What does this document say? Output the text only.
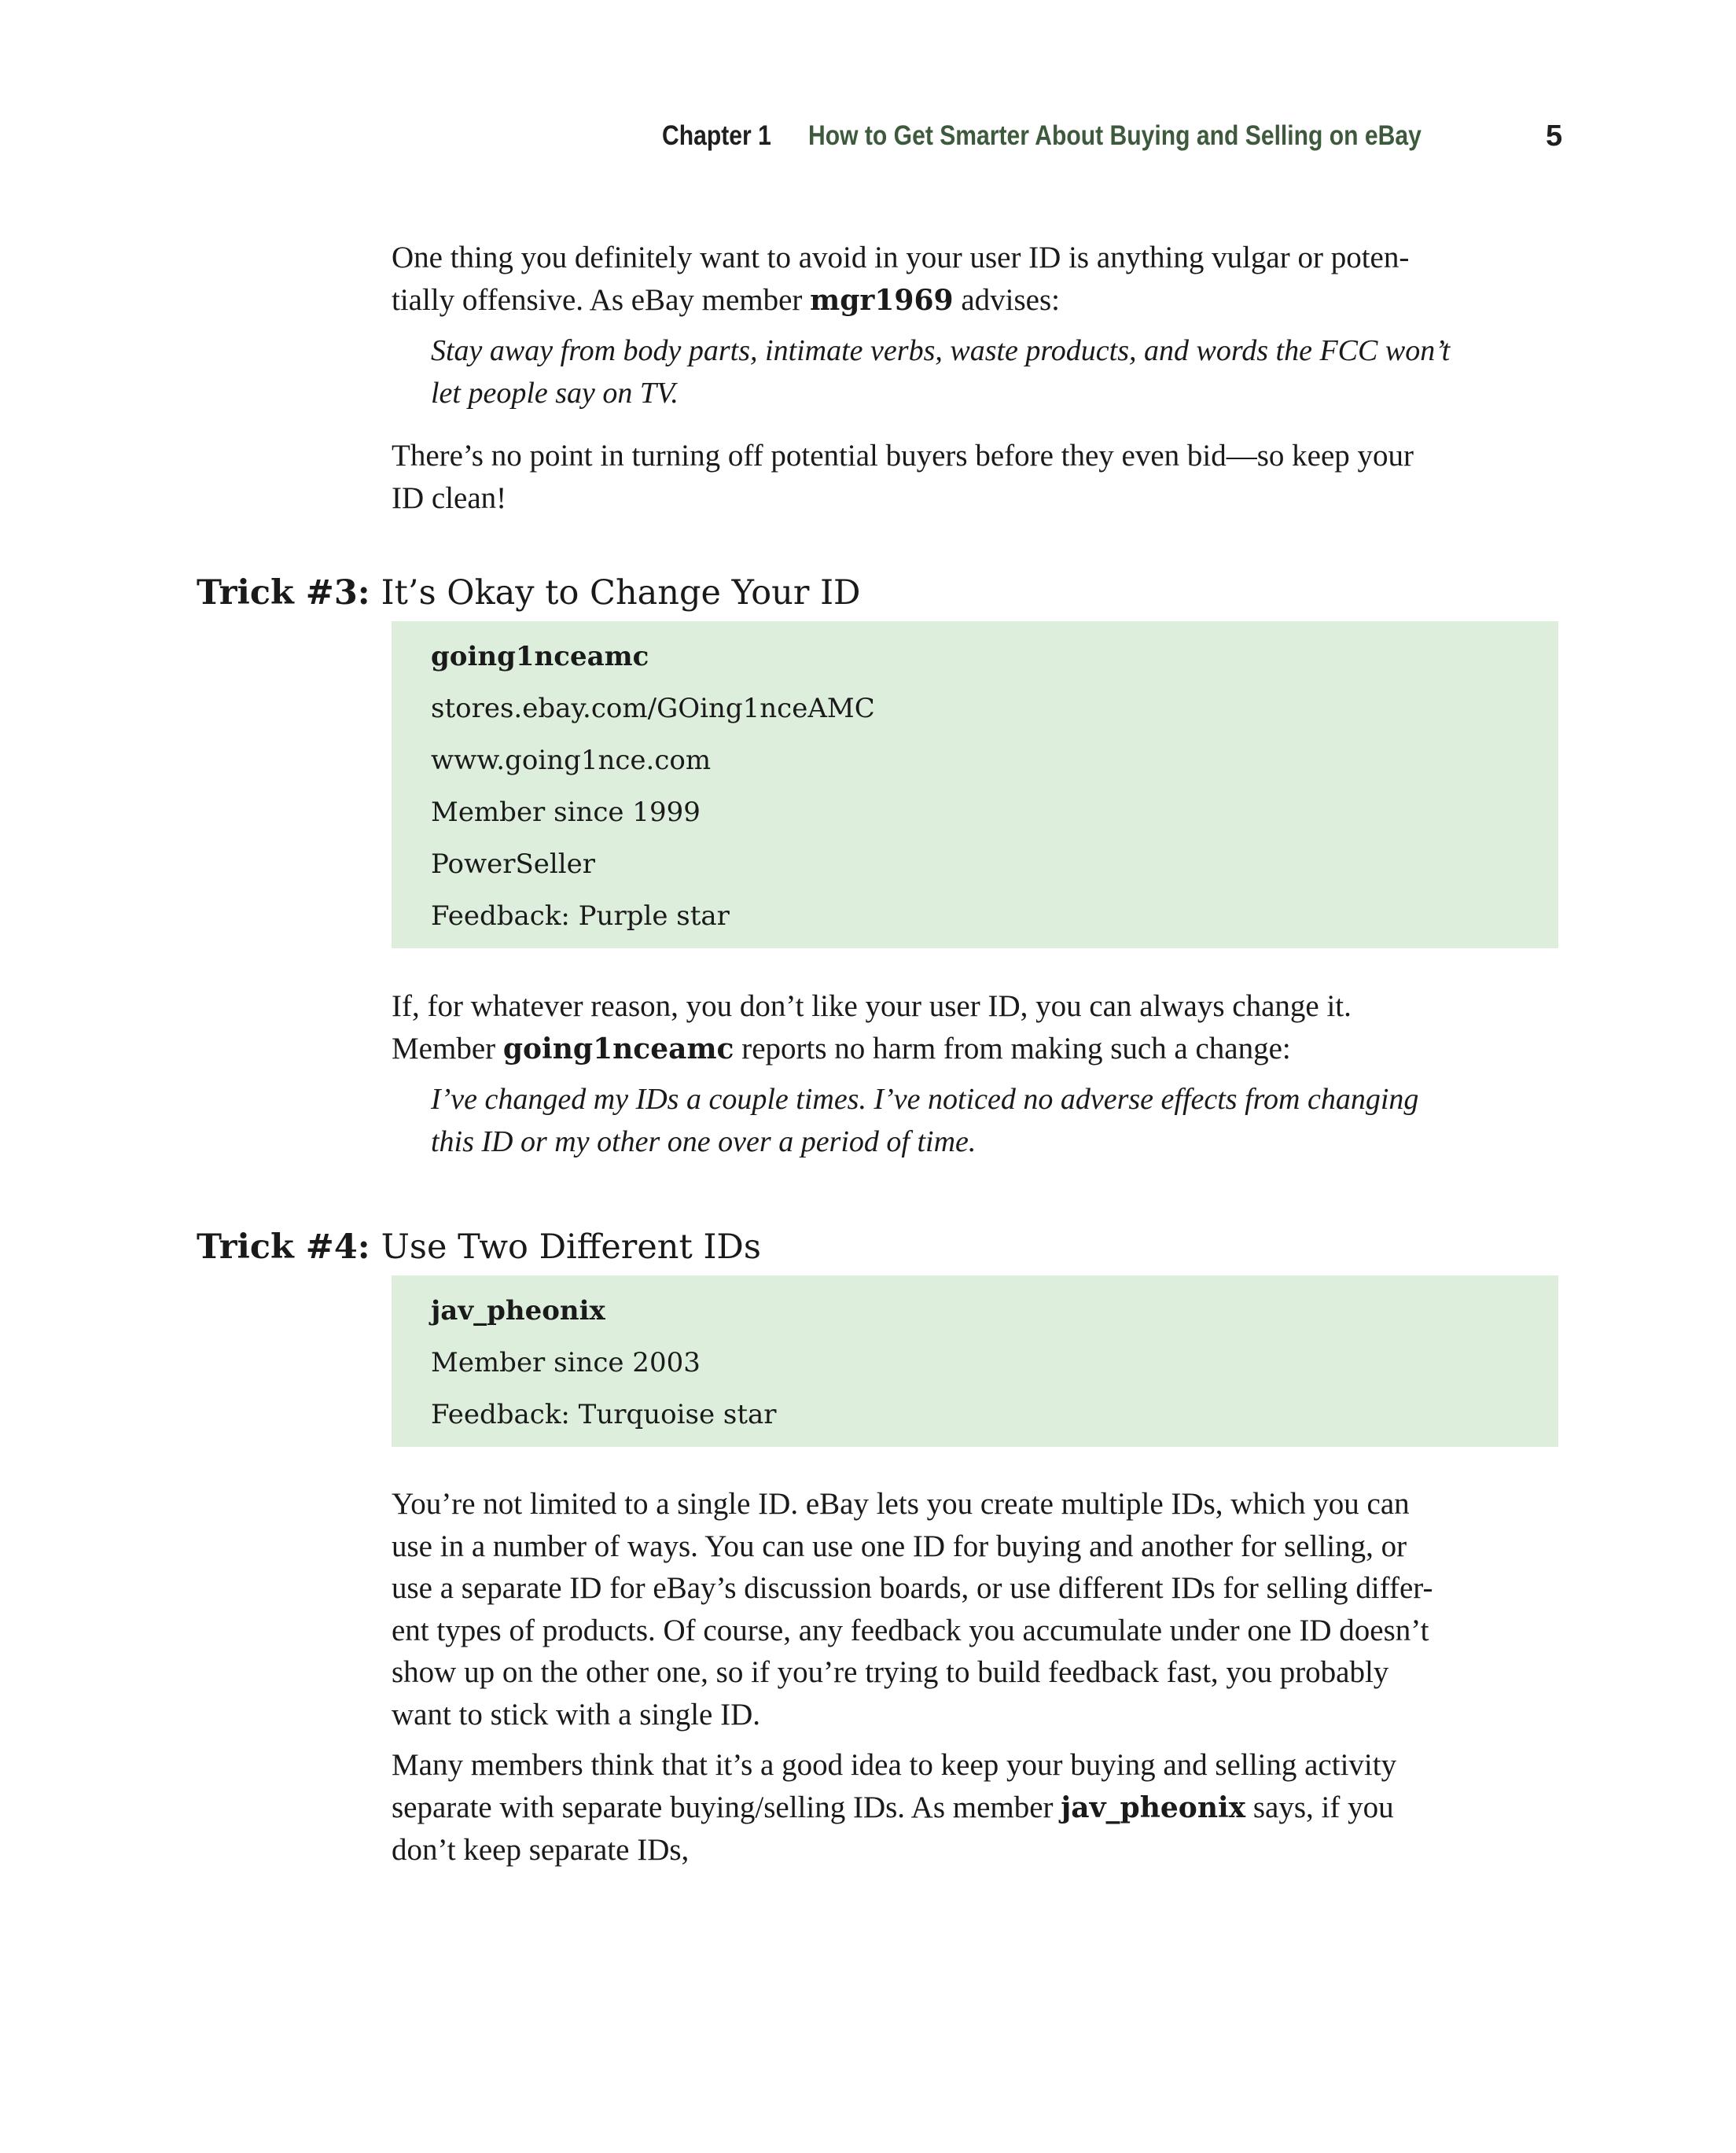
Chapter 1 How to Get Smarter About Buying and Selling on eBay	5

One thing you definitely want to avoid in your user ID is anything vulgar or poten-
tially offensive. As eBay member mgr1969 advises:

Stay away from body parts, intimate verbs, waste products, and words the FCC won’t
let people say on TV.

There’s no point in turning off potential buyers before they even bid—so keep your
ID clean!

Trick #3: It’s Okay to Change Your ID
going1nceamc
stores.ebay.com/GOing1nceAMC
www.going1nce.com
Member since 1999
PowerSeller
Feedback: Purple star

If, for whatever reason, you don’t like your user ID, you can always change it.
Member going1nceamc reports no harm from making such a change:

I’ve changed my IDs a couple times. I’ve noticed no adverse effects from changing
this ID or my other one over a period of time.

Trick #4: Use Two Different IDs
jav_pheonix
Member since 2003
Feedback: Turquoise star

You’re not limited to a single ID. eBay lets you create multiple IDs, which you can
use in a number of ways. You can use one ID for buying and another for selling, or
use a separate ID for eBay’s discussion boards, or use different IDs for selling differ-
ent types of products. Of course, any feedback you accumulate under one ID doesn’t
show up on the other one, so if you’re trying to build feedback fast, you probably
want to stick with a single ID.

Many members think that it’s a good idea to keep your buying and selling activity
separate with separate buying/selling IDs. As member jav_pheonix says, if you
don’t keep separate IDs,
